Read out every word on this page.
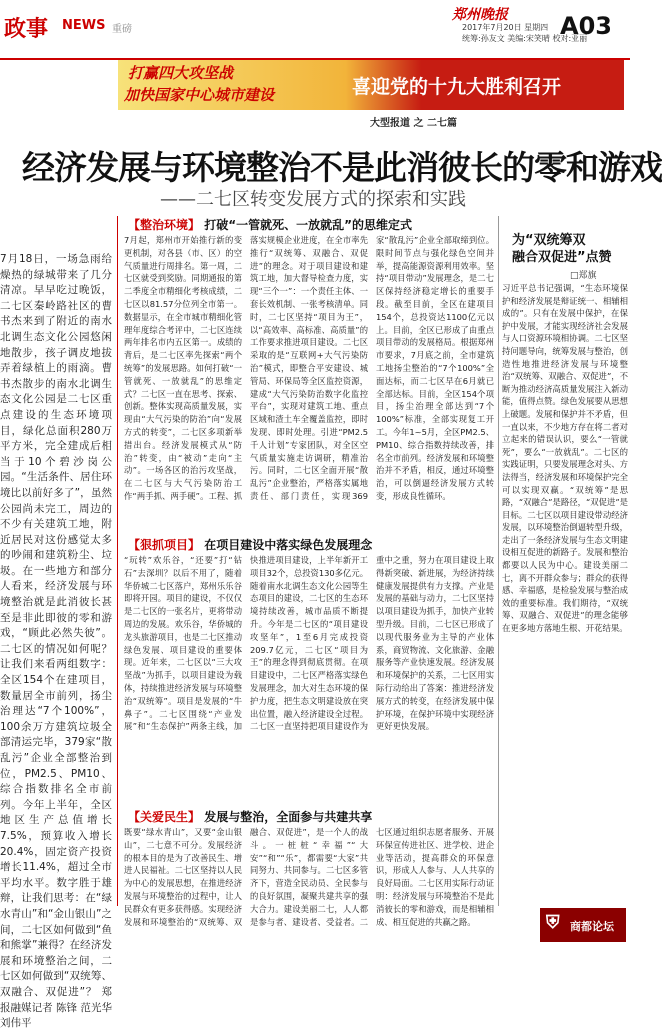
政事 NEWS 重磅
郑州晚报
2017年7月20日 星期四
统筹:孙友文 美编:宋笑晴 校对:亚丽
A03
打赢四大攻坚战
加快国家中心城市建设	喜迎党的十九大胜利召开
大型报道 之 二七篇
经济发展与环境整治不是此消彼长的零和游戏
——二七区转变发展方式的探索和实践
7月18日，一场急雨给燥热的绿城带来了几分清凉。早早吃过晚饭，二七区秦岭路社区的曹书杰来到了附近的南水北调生态文化公园悠闲地散步，孩子调皮地拔弄着绿植上的雨滴。曹书杰散步的南水北调生态文化公园是二七区重点建设的生态环境项目，绿化总面积280万平方米，完全建成后相当于10个碧沙岗公园。“生活条件、居住环境比以前好多了”，虽然公园尚未完工，周边的不少有关建筑工地，附近居民对这份感觉太多的吵闹和建筑粉尘、垃圾。在一些地方和部分人看来，经济发展与环境整治就是此消彼长甚至是非此即彼的零和游戏，“顾此必然失彼”。二七区的情况如何呢？让我们来看两组数字：全区154个在建项目，数量居全市前列，扬尘治理达“7个100%”，100余万方建筑垃圾全部清运完毕，379家“散乱污”企业全部整治到位，PM2.5、PM10、综合指数排名全市前列。今年上半年，全区地区生产总值增长7.5%，预算收入增长20.4%，固定资产投资增长11.4%，超过全市平均水平。数字胜于雄辩，让我们思考：在“绿水青山”和“金山银山”之间，二七区如何做到“鱼和熊掌”兼得？在经济发展和环境整治之间，二七区如何做到“双统筹、双融合、双促进”？ 郑报融媒记者 陈锋 范光华 刘伟平
【整治环境】 打破“一管就死、一放就乱”的思维定式
7月起，郑州市开始推行新的变更机制，对各县（市、区）的空气质量进行周排名。第一周，二七区就受到奖励。同期通报的第二季度全市精细化考核成绩，二七区以81.57分位列全市第一。数据显示，在全市城市精细化管理年度综合考评中，二七区连续两年排名市内五区第一。成绩的背后，是二七区率先探索“两个统筹”的发展思路。如何打破“一管就死、一放就乱”的思维定式？二七区一直在思考、探索、创新。整体实现高质量发展，实现由“大气污染的防治”向“发展方式的转变”，二七区多项新举措出台。经济发展模式从“防治”转变，由“被动”走向“主动”。一场各区的治污攻坚战，在二七区与大气污染防治工作“两手抓、两手硬”。工程、抓落实规模企业进度，在全市率先推行“双统筹、双融合、双促进”的理念。对于项目建设和建筑工地，加大督导检查力度，实现“三个一”：一个责任主体、一套长效机制、一张考核清单。同时，二七区坚持“项目为王”，以“高效率、高标准、高质量”的工作要求推进项目建设。二七区采取的是“互联网+大气污染防治”模式，即整合平安建设、城管局、环保局等全区监控资源，建成“大气污染防治数字化监控平台”，实现对建筑工地、重点区域和渣土车全覆盖监控，即时发现、即时处理。引进“PM2.5千人计划”专家团队，对全区空气质量实施走访调研，精准治污。同时，二七区全面开展“散乱污”企业整治，严格落实属地责任、部门责任，实现369家“散乱污”企业全部取缔到位。限时间节点与强化绿色空间并举，提高能源资源利用效率。坚持“项目带动”发展理念，是二七区保持经济稳定增长的重要手段。截至目前，全区在建项目154个，总投资达1100亿元以上。目前，全区已形成了由重点项目带动的发展格局。根据郑州市要求，7月底之前，全市建筑工地扬尘整治的“7个100%”全面达标，而二七区早在6月就已全部达标。目前，全区154个项目，扬尘治理全部达到“7个100%”标准，全部实现复工开工。今年1~5月，全区PM2.5、PM10、综合指数持续改善，排名全市前列。经济发展和环境整治并不矛盾，相反，通过环境整治，可以倒逼经济发展方式转变，形成良性循环。
【狠抓项目】 在项目建设中落实绿色发展理念
“玩转”欢乐谷，“还要”打“钻石”去深圳？以后不用了，随着华侨城二七区落户，郑州乐乐谷即将开园。项目的建设，不仅仅是二七区的一张名片，更将带动周边的发展。欢乐谷，华侨城的龙头旅游项目，也是二七区推动绿色发展、项目建设的重要体现。近年来，二七区以“三大攻坚战”为抓手，以项目建设为载体，持续推进经济发展与环境整治“双统筹”。项目是发展的“牛鼻子”。二七区围绕“产业发展”和“生态保护”两条主线，加快推进项目建设，上半年新开工项目32个，总投资130多亿元。随着南水北调生态文化公园等生态项目的建设，二七区的生态环境持续改善，城市品质不断提升。今年是二七区的“项目建设攻坚年”，1至6月完成投资209.7亿元，二七区“项目为王”的理念得到彻底贯彻。在项目建设中，二七区严格落实绿色发展理念，加大对生态环境的保护力度，把生态文明建设放在突出位置，融入经济建设全过程。二七区一直坚持把项目建设作为重中之重，努力在项目建设上取得新突破、新进展，为经济持续健康发展提供有力支撑。产业是发展的基础与动力，二七区坚持以项目建设为抓手，加快产业转型升级。目前，二七区已形成了以现代服务业为主导的产业体系，商贸物流、文化旅游、金融服务等产业快速发展。经济发展和环境保护的关系，二七区用实际行动给出了答案：推进经济发展方式的转变，在经济发展中保护环境，在保护环境中实现经济更好更快发展。
【关爱民生】 发展与整治，全面参与共建共享
既要“绿水青山”，又要“金山银山”，二七意不可分。发展经济的根本目的是为了改善民生、增进人民福祉。二七区坚持以人民为中心的发展思想，在推进经济发展与环境整治的过程中，让人民群众有更多获得感。实现经济发展和环境整治的“双统筹、双融合、双促进”，是一个人的战斗。一桩桩“幸福”“大安”“和”“乐”，都需要“大家”共同努力、共同参与。二七区多管齐下，营造全民动员、全民参与的良好氛围，凝聚共建共享的强大合力。建设美丽二七，人人都是参与者、建设者、受益者。二七区通过组织志愿者服务、开展环保宣传进社区、进学校、进企业等活动，提高群众的环保意识，形成人人参与、人人共享的良好局面。二七区用实际行动证明：经济发展与环境整治不是此消彼长的零和游戏，而是相辅相成、相互促进的共赢之路。
为“双统筹双
融合双促进”点赞
□郑旗
习近平总书记强调，“生态环境保护和经济发展是辩证统一、相辅相成的”。只有在发展中保护，在保护中发展，才能实现经济社会发展与人口资源环境相协调。二七区坚持问题导向，统筹发展与整治，创造性地推进经济发展与环境整治“双统筹、双融合、双促进”，不断为推动经济高质量发展注入新动能，值得点赞。绿色发展要从思想上破题。发展和保护并不矛盾，但一直以来，不少地方存在将二者对立起来的错误认识，要么“一管就死”，要么“一放就乱”。二七区的实践证明，只要发展理念对头、方法得当，经济发展和环境保护完全可以实现双赢。“双统筹”是思路，“双融合”是路径，“双促进”是目标。二七区以项目建设带动经济发展，以环境整治倒逼转型升级，走出了一条经济发展与生态文明建设相互促进的新路子。发展和整治都要以人民为中心。建设美丽二七，离不开群众参与；群众的获得感、幸福感，是检验发展与整治成效的重要标准。我们期待，“双统筹、双融合、双促进”的理念能够在更多地方落地生根、开花结果。
⛨ 商都论坛
